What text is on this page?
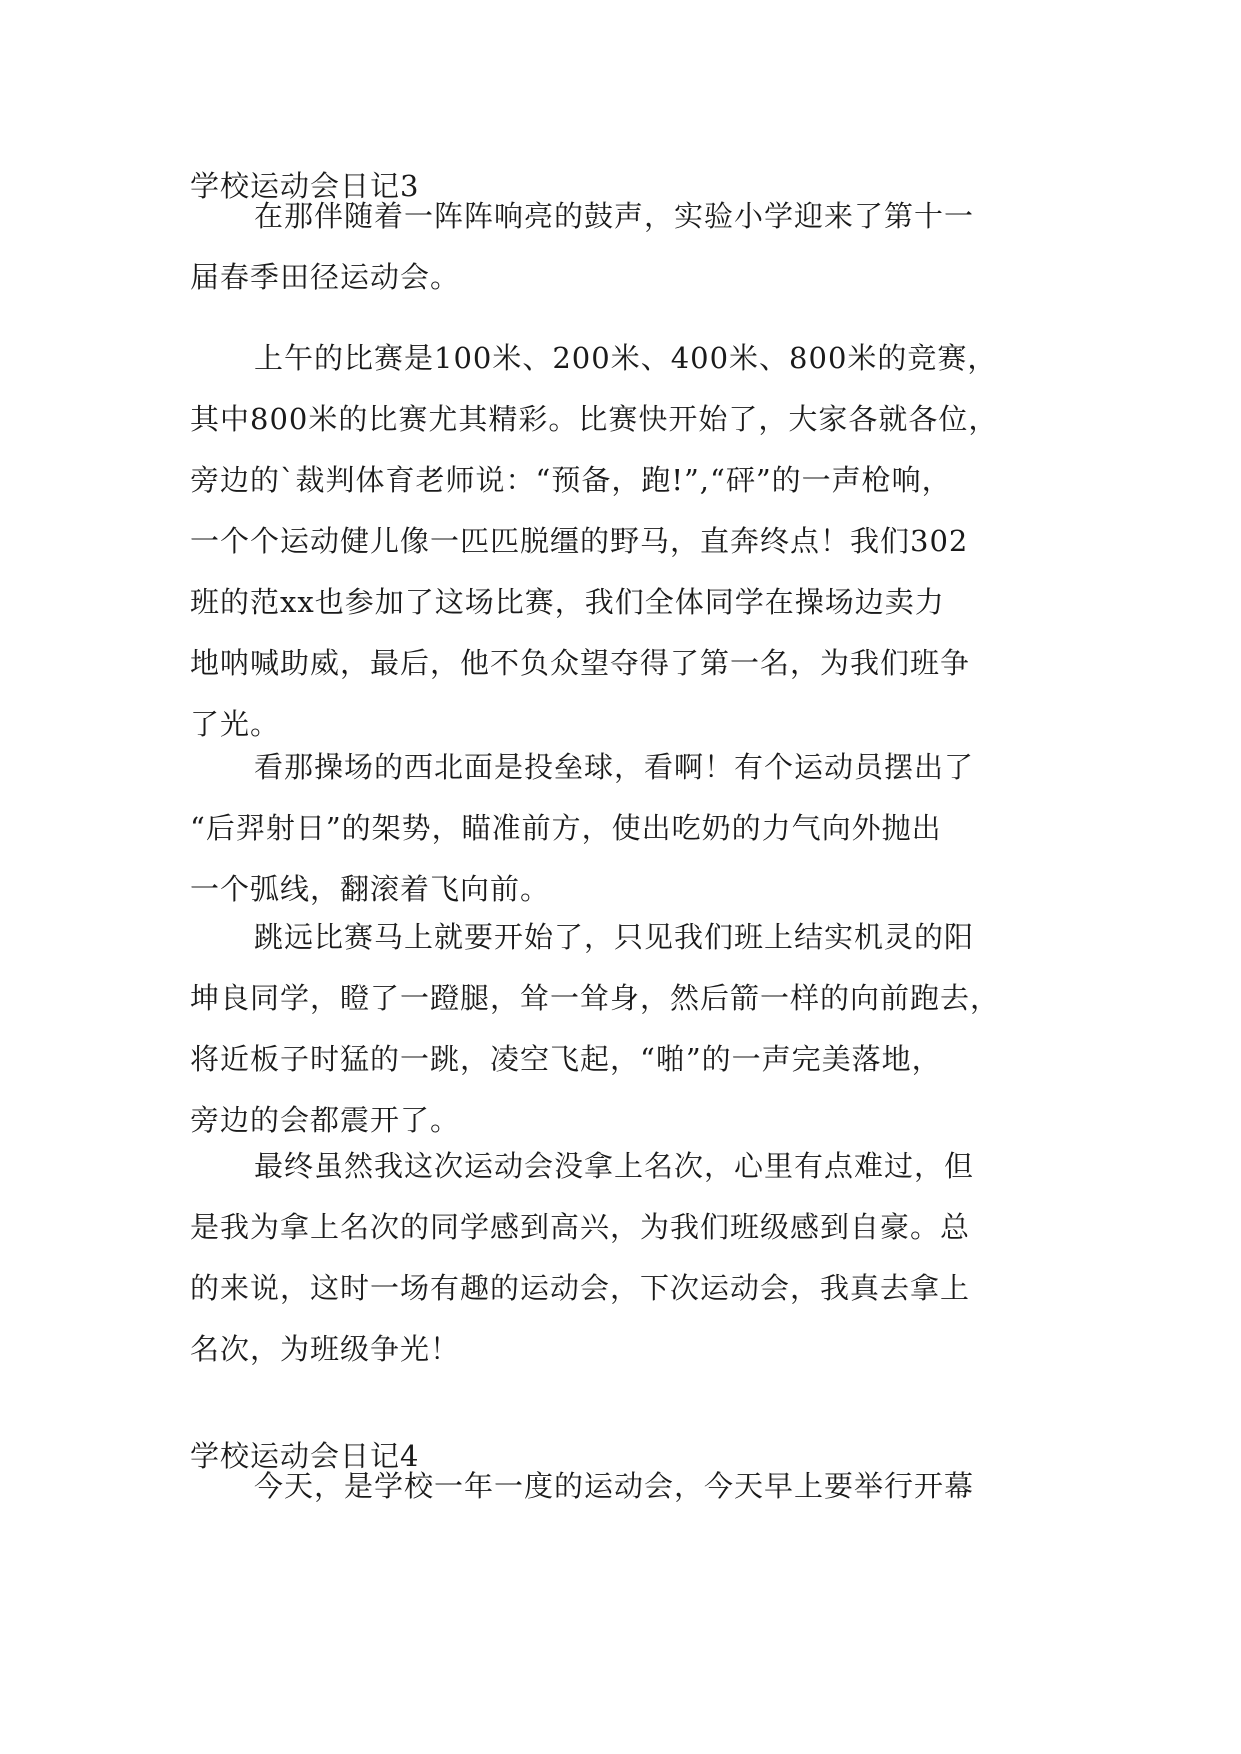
学校运动会日记3
在那伴随着一阵阵响亮的鼓声，实验小学迎来了第十一
届春季田径运动会。
上午的比赛是100米、200米、400米、800米的竞赛，
其中800米的比赛尤其精彩。比赛快开始了，大家各就各位，
旁边的`裁判体育老师说：“预备，跑!”,“砰”的一声枪响，
一个个运动健儿像一匹匹脱缰的野马，直奔终点！我们302
班的范xx也参加了这场比赛，我们全体同学在操场边卖力
地呐喊助威，最后，他不负众望夺得了第一名，为我们班争
了光。
看那操场的西北面是投垒球，看啊！有个运动员摆出了
“后羿射日”的架势，瞄准前方，使出吃奶的力气向外抛出
一个弧线，翻滚着飞向前。
跳远比赛马上就要开始了，只见我们班上结实机灵的阳
坤良同学，瞪了一蹬腿，耸一耸身，然后箭一样的向前跑去，
将近板子时猛的一跳，凌空飞起，“啪”的一声完美落地，
旁边的会都震开了。
最终虽然我这次运动会没拿上名次，心里有点难过，但
是我为拿上名次的同学感到高兴，为我们班级感到自豪。总
的来说，这时一场有趣的运动会，下次运动会，我真去拿上
名次，为班级争光！
学校运动会日记4
今天，是学校一年一度的运动会，今天早上要举行开幕
